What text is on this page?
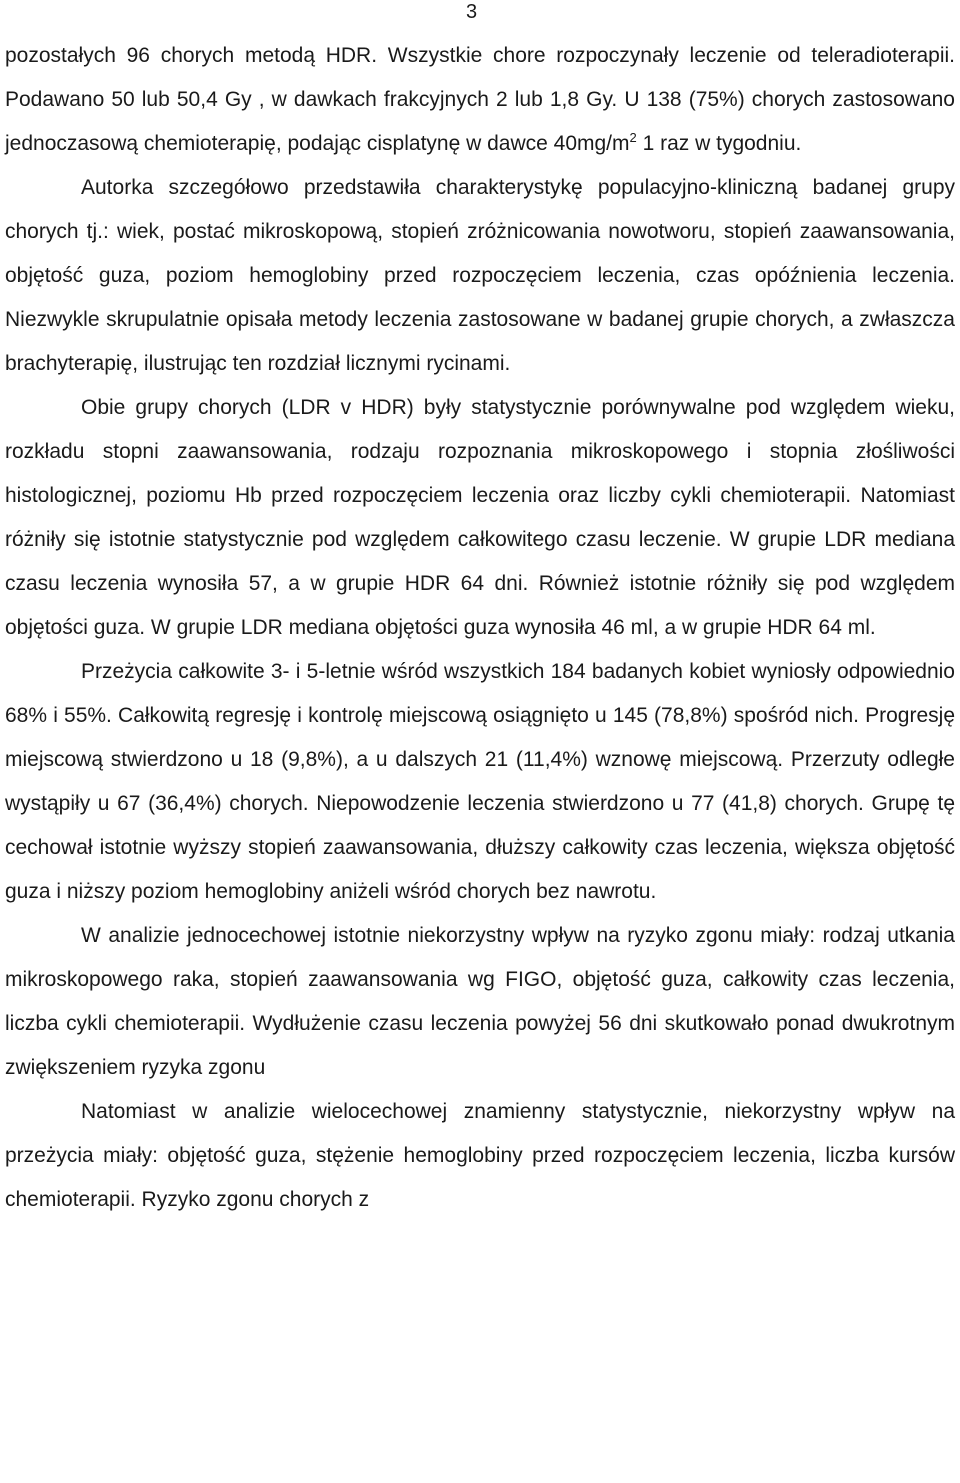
3

pozostałych 96 chorych metodą HDR. Wszystkie chore rozpoczynały leczenie od teleradioterapii. Podawano 50 lub 50,4 Gy , w dawkach frakcyjnych 2 lub 1,8 Gy. U 138 (75%) chorych zastosowano jednoczasową chemioterapię, podając cisplatynę w dawce $40mg/m^2$ 1 raz w tygodniu.

Autorka szczegółowo przedstawiła charakterystykę populacyjno-kliniczną badanej grupy chorych tj.: wiek, postać mikroskopową, stopień zróżnicowania nowotworu, stopień zaawansowania, objętość guza, poziom hemoglobiny przed rozpoczęciem leczenia, czas opóźnienia leczenia. Niezwykle skrupulatnie opisała metody leczenia zastosowane w badanej grupie chorych, a zwłaszcza brachyterapię, ilustrując ten rozdział licznymi rycinami.

Obie grupy chorych (LDR v HDR) były statystycznie porównywalne pod względem wieku, rozkładu stopni zaawansowania, rodzaju rozpoznania mikroskopowego i stopnia złośliwości histologicznej, poziomu Hb przed rozpoczęciem leczenia oraz liczby cykli chemioterapii. Natomiast różniły się istotnie statystycznie pod względem całkowitego czasu leczenie. W grupie LDR mediana czasu leczenia wynosiła 57, a w grupie HDR 64 dni. Również istotnie różniły się pod względem objętości guza. W grupie LDR mediana objętości guza wynosiła 46 ml, a w grupie HDR 64 ml.

Przeżycia całkowite 3- i 5-letnie wśród wszystkich 184 badanych kobiet wyniosły odpowiednio 68% i 55%. Całkowitą regresję i kontrolę miejscową osiągnięto u 145 (78,8%) spośród nich. Progresję miejscową stwierdzono u 18 (9,8%), a u dalszych 21 (11,4%) wznowę miejscową. Przerzuty odległe wystąpiły u 67 (36,4%) chorych. Niepowodzenie leczenia stwierdzono u 77 (41,8) chorych. Grupę tę cechował istotnie wyższy stopień zaawansowania, dłuższy całkowity czas leczenia, większa objętość guza i niższy poziom hemoglobiny aniżeli wśród chorych bez nawrotu.

W analizie jednocechowej istotnie niekorzystny wpływ na ryzyko zgonu miały: rodzaj utkania mikroskopowego raka, stopień zaawansowania wg FIGO, objętość guza, całkowity czas leczenia, liczba cykli chemioterapii. Wydłużenie czasu leczenia powyżej 56 dni skutkowało ponad dwukrotnym zwiększeniem ryzyka zgonu

Natomiast w analizie wielocechowej znamienny statystycznie, niekorzystny wpływ na przeżycia miały: objętość guza, stężenie hemoglobiny przed rozpoczęciem leczenia, liczba kursów chemioterapii. Ryzyko zgonu chorych z
